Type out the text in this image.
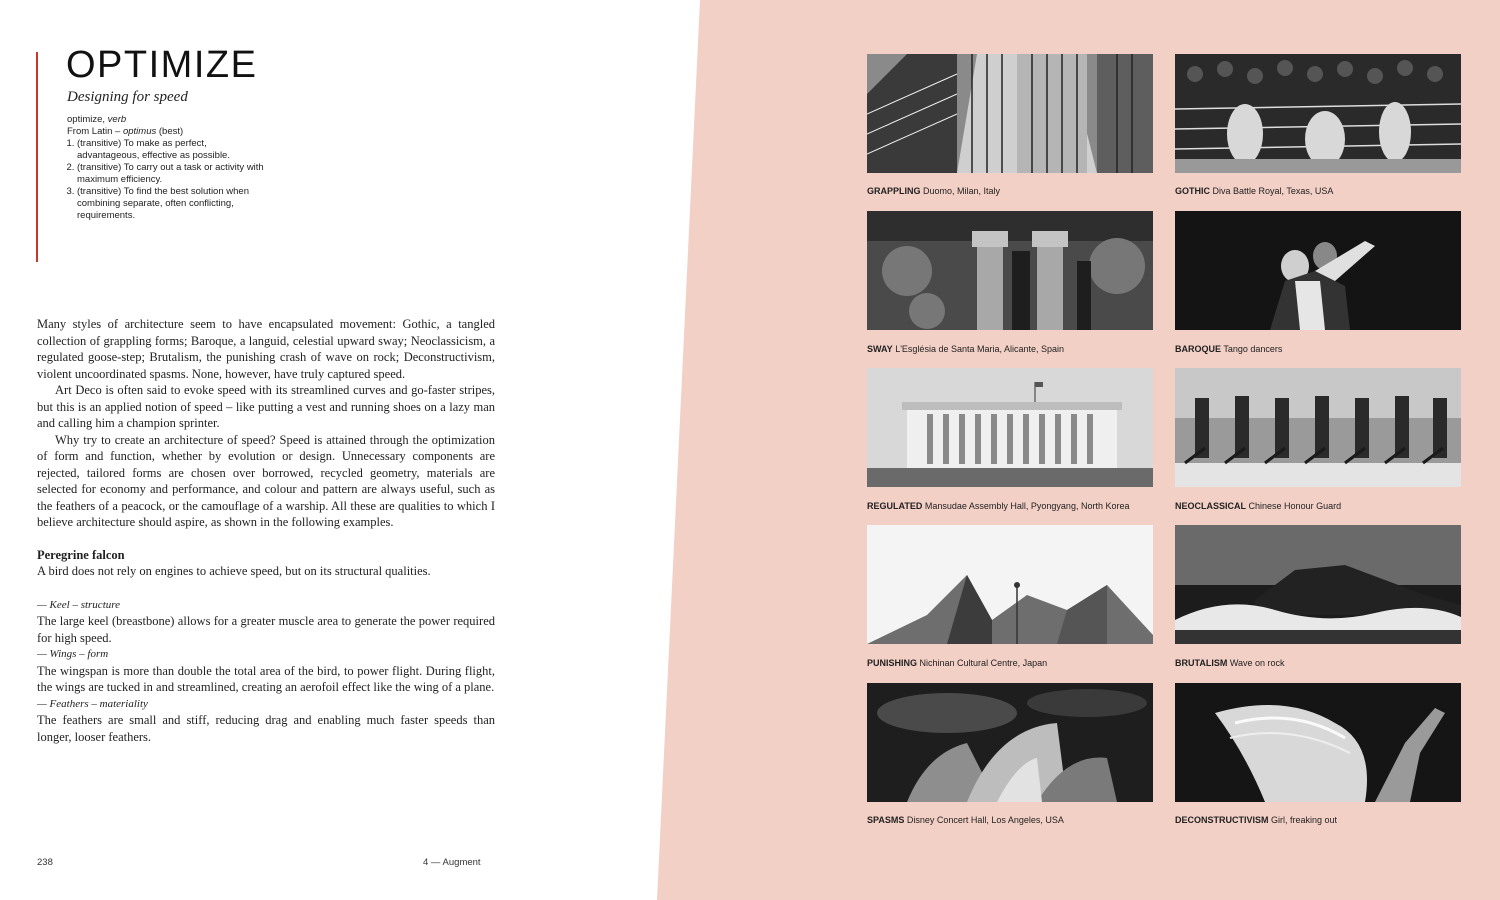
OPTIMIZE
Designing for speed
optimize, verb
From Latin – optimus (best)
1. (transitive) To make as perfect, advantageous, effective as possible.
2. (transitive) To carry out a task or activity with maximum efficiency.
3. (transitive) To find the best solution when combining separate, often conflicting, requirements.

Many styles of architecture seem to have encapsulated movement: Gothic, a tangled collection of grappling forms; Baroque, a languid, celestial upward sway; Neoclassicism, a regulated goose-step; Brutalism, the punishing crash of wave on rock; Deconstructivism, violent uncoordinated spasms. None, however, have truly captured speed.

Art Deco is often said to evoke speed with its streamlined curves and go-faster stripes, but this is an applied notion of speed – like putting a vest and running shoes on a lazy man and calling him a champion sprinter.

Why try to create an architecture of speed? Speed is attained through the optimization of form and function, whether by evolution or design. Unnecessary components are rejected, tailored forms are chosen over borrowed, recycled geometry, materials are selected for economy and performance, and colour and pattern are always useful, such as the feathers of a peacock, or the camouflage of a warship. All these are qualities to which I believe architecture should aspire, as shown in the following examples.

Peregrine falcon

A bird does not rely on engines to achieve speed, but on its structural qualities.

— Keel – structure

The large keel (breastbone) allows for a greater muscle area to generate the power required for high speed.

— Wings – form

The wingspan is more than double the total area of the bird, to power flight. During flight, the wings are tucked in and streamlined, creating an aerofoil effect like the wing of a plane.

— Feathers – materiality

The feathers are small and stiff, reducing drag and enabling much faster speeds than longer, looser feathers.

238	4 — Augment
GRAPPLING Duomo, Milan, Italy	GOTHIC Diva Battle Royal, Texas, USA
SWAY L'Església de Santa Maria, Alicante, Spain	BAROQUE Tango dancers
REGULATED Mansudae Assembly Hall, Pyongyang, North Korea	NEOCLASSICAL Chinese Honour Guard
PUNISHING Nichinan Cultural Centre, Japan	BRUTALISM Wave on rock
SPASMS Disney Concert Hall, Los Angeles, USA	DECONSTRUCTIVISM Girl, freaking out
